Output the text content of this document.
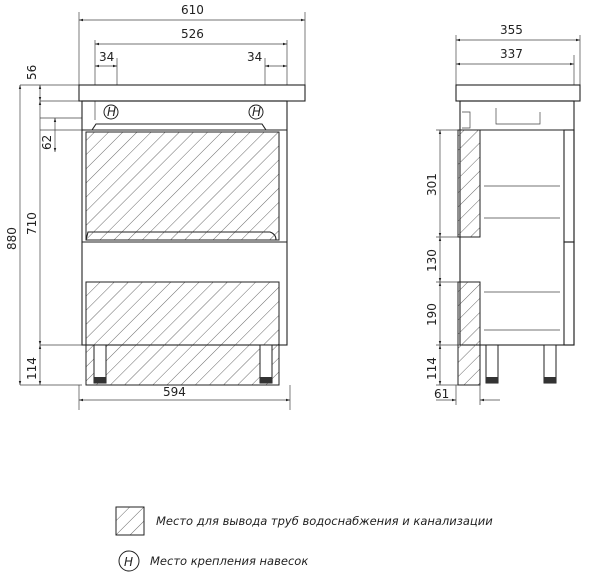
610
526
34	34
56
62
710
880
114
H	H
594
355
337
301
130
190
114
61
Место для вывода труб водоснабжения и канализации
H Место крепления навесок
